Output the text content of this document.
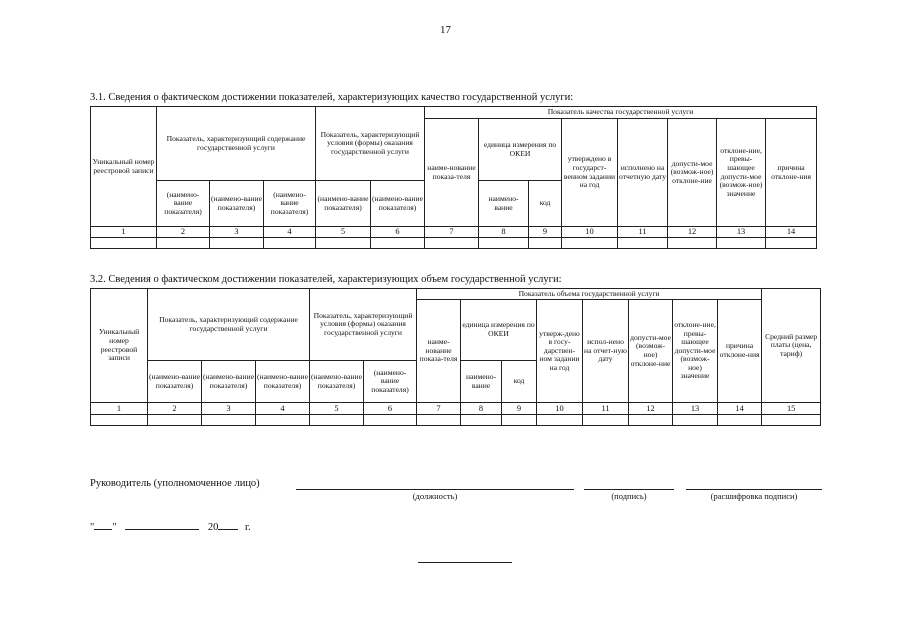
17
3.1. Сведения о фактическом достижении показателей, характеризующих качество государственной услуги:
Уникальный номер реестровой записи	Показатель, характеризующий содержание государственной услуги			Показатель, характеризующий условия (формы) оказания государственной услуги		Показатель качества государственной услуги							
						наиме-нование показа-теля	единица измерения по ОКЕИ		утверждено в государст-венном задании на год	исполнено на отчетную дату	допусти-мое (возмож-ное) отклоне-ние	отклоне-ние, превы-шающее допусти-мое (возмож-ное) значение	причина отклоне-ния
	(наимено-вание показателя)	(наимено-вание показателя)	(наимено-вание показателя)	(наимено-вание показателя)	(наимено-вание показателя)		наимено-вание	код					
1	2	3	4	5	6	7	8	9	10	11	12	13	14

3.2. Сведения о фактическом достижении показателей, характеризующих объем государственной услуги:
Уникальный номер реестровой записи	Показатель, характеризующий содержание государственной услуги			Показатель, характеризующий условия (формы) оказания государственной услуги		Показатель объема государственной услуги								Средний размер платы (цена, тариф)
						наиме-нование показа-теля	единица измерения по ОКЕИ		утверж-дено в госу-дарствен-ном задании на год	испол-нено на отчет-ную дату	допусти-мое (возмож-ное) отклоне-ние	отклоне-ние, превы-шающее допусти-мое (возмож-ное) значение	причина отклоне-ния	
	(наимено-вание показателя)	(наимено-вание показателя)	(наимено-вание показателя)	(наимено-вание показателя)	(наимено-вание показателя)		наимено-вание	код						
1	2	3	4	5	6	7	8	9	10	11	12	13	14	15

Руководитель (уполномоченное лицо)
(должность)	(подпись)	(расшифровка подписи)
" "	20	г.
